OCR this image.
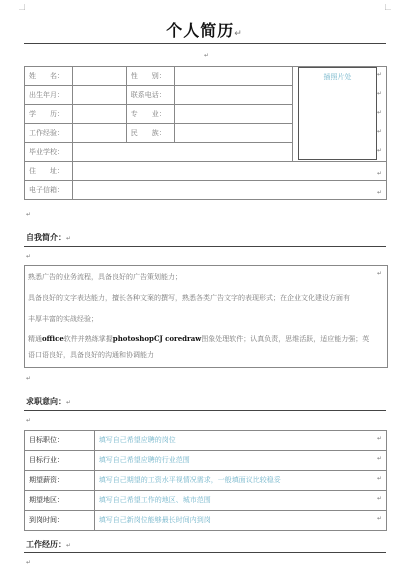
个人简历↵
↵
姓　　名：		性　　别：		
出生年月：		联系电话：		
学　　历：		专　　业：		
工作经验：		民　　族：		
毕业学校：				
住　　址：				
电子信箱：				
插照片处	↵
↵
↵
↵
↵
↵
↵
↵
自我简介：↵
↵
熟悉广告的业务流程，具备良好的广告策划能力；
具备良好的文字表达能力，擅长各种文案的撰写，熟悉各类广告文字的表现形式；在企业文化建设方面有
丰厚丰富的实战经验；
精通office软件并熟练掌握photoshopCJ coredraw图象处理软件；认真负责，思维活跃，适应能力强；英
语口语良好，具备良好的沟通和协调能力
↵
↵
求职意向：↵
↵
目标职位：	填写自己希望应聘的岗位
目标行业：	填写自己希望应聘的行业范围
期望薪资：	填写自己期望的工资水平视情况需求，一般填面议比较稳妥
期望地区：	填写自己希望工作的地区、城市范围
到岗时间：	填写自己新岗位能够最长时间内到岗
↵
↵
↵
↵
↵
工作经历：↵
↵
